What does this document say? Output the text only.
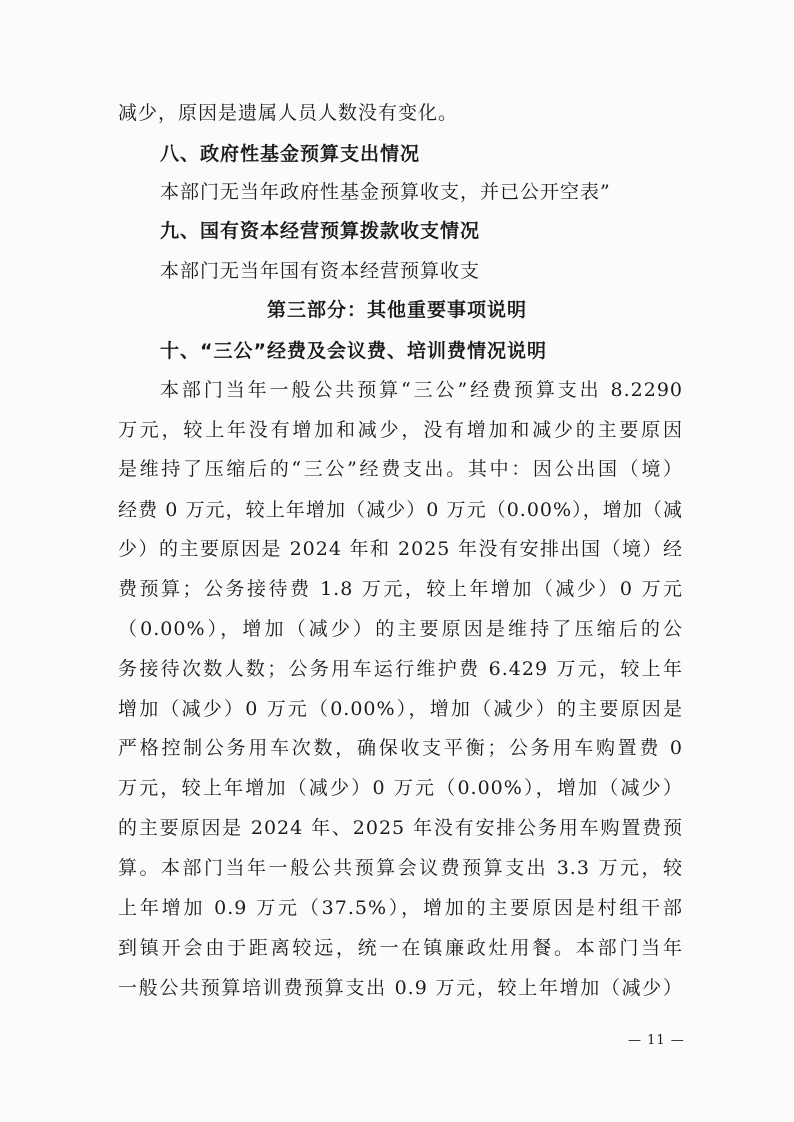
减少，原因是遗属人员人数没有变化。
八、政府性基金预算支出情况
本部门无当年政府性基金预算收支，并已公开空表”
九、国有资本经营预算拨款收支情况
本部门无当年国有资本经营预算收支
第三部分：其他重要事项说明
十、“三公”经费及会议费、培训费情况说明
本部门当年一般公共预算“三公”经费预算支出 8.2290
万元，较上年没有增加和减少，没有增加和减少的主要原因
是维持了压缩后的“三公”经费支出。其中：因公出国（境）
经费 0 万元，较上年增加（减少）0 万元（0.00%），增加（减
少）的主要原因是 2024 年和 2025 年没有安排出国（境）经
费预算；公务接待费 1.8 万元，较上年增加（减少）0 万元
（0.00%），增加（减少）的主要原因是维持了压缩后的公
务接待次数人数；公务用车运行维护费 6.429 万元，较上年
增加（减少）0 万元（0.00%），增加（减少）的主要原因是
严格控制公务用车次数，确保收支平衡；公务用车购置费 0
万元，较上年增加（减少）0 万元（0.00%），增加（减少）
的主要原因是 2024 年、2025 年没有安排公务用车购置费预
算。本部门当年一般公共预算会议费预算支出 3.3 万元，较
上年增加 0.9 万元（37.5%），增加的主要原因是村组干部
到镇开会由于距离较远，统一在镇廉政灶用餐。本部门当年
一般公共预算培训费预算支出 0.9 万元，较上年增加（减少）
— 11 —
